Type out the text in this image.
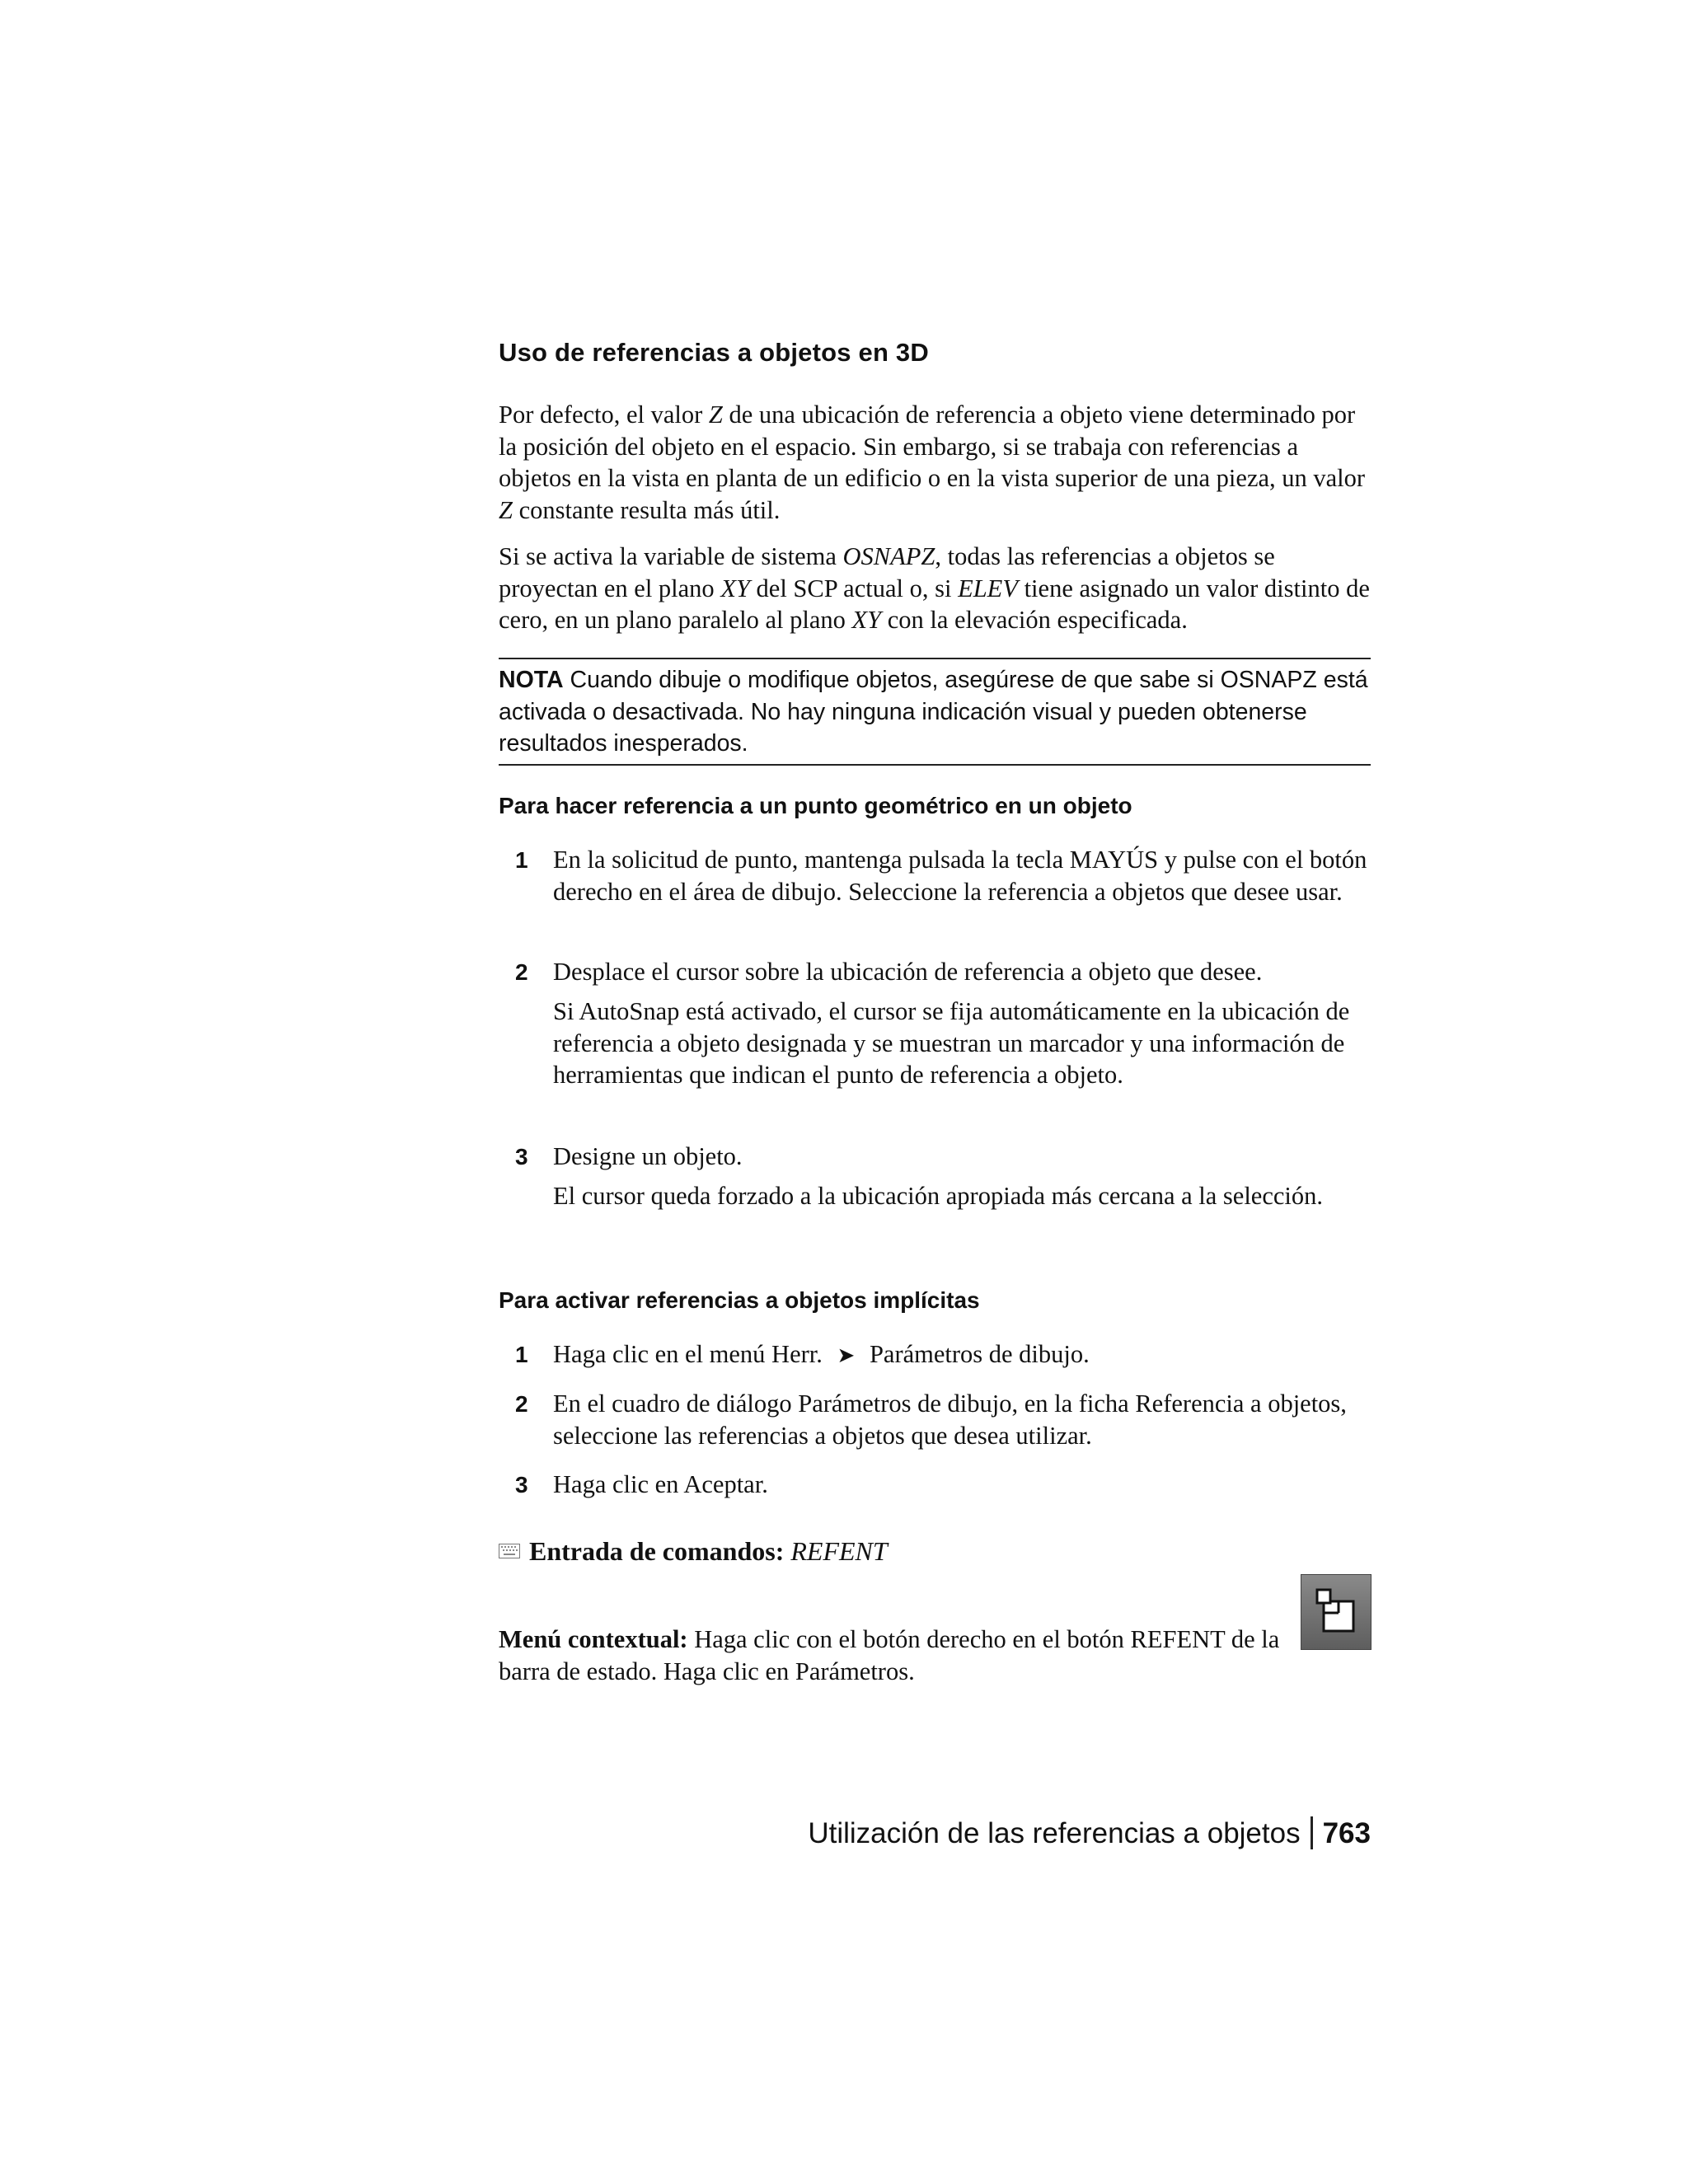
Uso de referencias a objetos en 3D

Por defecto, el valor Z de una ubicación de referencia a objeto viene determinado por la posición del objeto en el espacio. Sin embargo, si se trabaja con referencias a objetos en la vista en planta de un edificio o en la vista superior de una pieza, un valor Z constante resulta más útil.

Si se activa la variable de sistema OSNAPZ, todas las referencias a objetos se proyectan en el plano XY del SCP actual o, si ELEV tiene asignado un valor distinto de cero, en un plano paralelo al plano XY con la elevación especificada.

NOTA Cuando dibuje o modifique objetos, asegúrese de que sabe si OSNAPZ está activada o desactivada. No hay ninguna indicación visual y pueden obtenerse resultados inesperados.

Para hacer referencia a un punto geométrico en un objeto
1 En la solicitud de punto, mantenga pulsada la tecla MAYÚS y pulse con el botón derecho en el área de dibujo. Seleccione la referencia a objetos que desee usar.

2 Desplace el cursor sobre la ubicación de referencia a objeto que desee.

Si AutoSnap está activado, el cursor se fija automáticamente en la ubicación de referencia a objeto designada y se muestran un marcador y una información de herramientas que indican el punto de referencia a objeto.

3 Designe un objeto.

El cursor queda forzado a la ubicación apropiada más cercana a la selección.

Para activar referencias a objetos implícitas
1 Haga clic en el menú Herr. ➤ Parámetros de dibujo.

2 En el cuadro de diálogo Parámetros de dibujo, en la ficha Referencia a objetos, seleccione las referencias a objetos que desea utilizar.

3 Haga clic en Aceptar.

Entrada de comandos: REFENT

Menú contextual: Haga clic con el botón derecho en el botón REFENT de la barra de estado. Haga clic en Parámetros.

Utilización de las referencias a objetos 763
